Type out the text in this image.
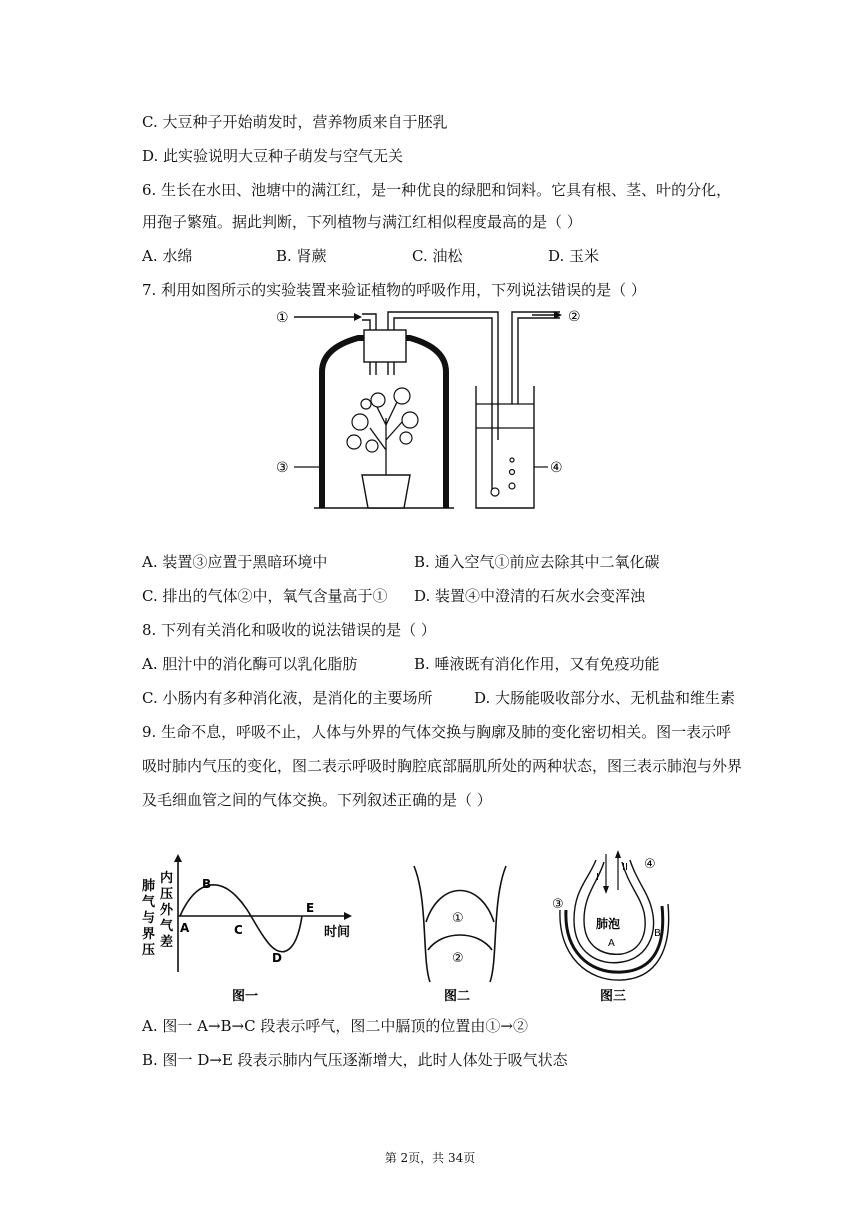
C. 大豆种子开始萌发时，营养物质来自于胚乳
D. 此实验说明大豆种子萌发与空气无关
6. 生长在水田、池塘中的满江红，是一种优良的绿肥和饲料。它具有根、茎、叶的分化，
用孢子繁殖。据此判断，下列植物与满江红相似程度最高的是（ ）
A. 水绵	B. 肾蕨	C. 油松	D. 玉米
7. 利用如图所示的实验装置来验证植物的呼吸作用，下列说法错误的是（ ）
①	②
③	④
A. 装置③应置于黑暗环境中	B. 通入空气①前应去除其中二氧化碳
C. 排出的气体②中，氧气含量高于① D. 装置④中澄清的石灰水会变浑浊
8. 下列有关消化和吸收的说法错误的是（ ）
A. 胆汁中的消化酶可以乳化脂肪	B. 唾液既有消化作用，又有免疫功能
C. 小肠内有多种消化液，是消化的主要场所	D. 大肠能吸收部分水、无机盐和维生素
9. 生命不息，呼吸不止，人体与外界的气体交换与胸廓及肺的变化密切相关。图一表示呼
吸时肺内气压的变化，图二表示呼吸时胸腔底部膈肌所处的两种状态，图三表示肺泡与外界
及毛细血管之间的气体交换。下列叙述正确的是（ ）
肺
气
与
界
压
内
压
外
气
差
A
B
C
D
E
时间
图一
①
②
图二
I
II
③
④
肺泡
A
B
图三
A. 图一 A→B→C 段表示呼气，图二中膈顶的位置由①→②
B. 图一 D→E 段表示肺内气压逐渐增大，此时人体处于吸气状态
第 2页，共 34页
